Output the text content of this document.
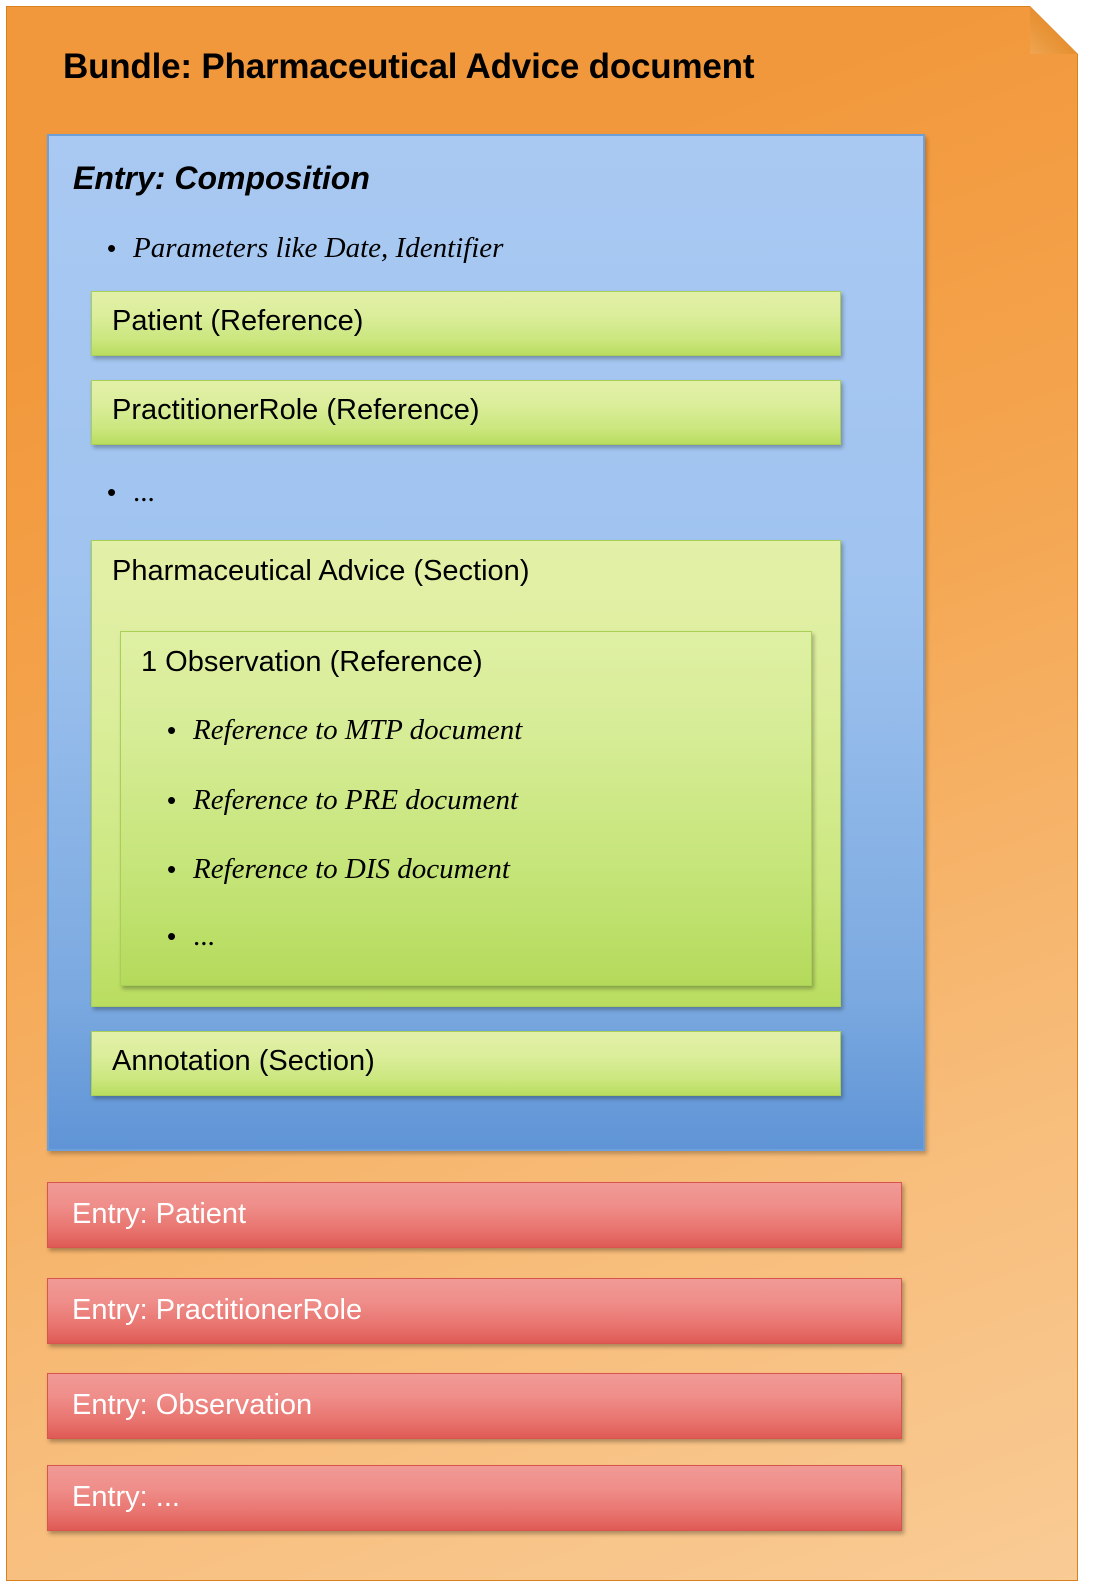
Bundle: Pharmaceutical Advice document
Entry: Composition
• Parameters like Date, Identifier
Patient (Reference)
PractitionerRole (Reference)
• ...
Pharmaceutical Advice (Section)
1 Observation (Reference)
• Reference to MTP document
• Reference to PRE document
• Reference to DIS document
• ...
Annotation (Section)
Entry: Patient
Entry: PractitionerRole
Entry: Observation
Entry: ...
